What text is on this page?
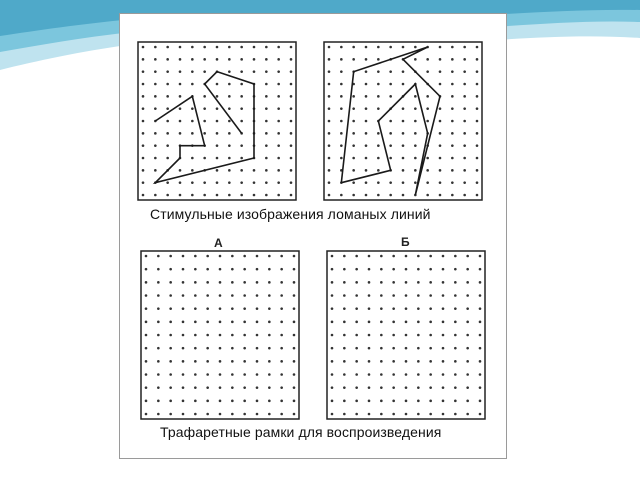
Стимульные изображения ломаных линий
А	Б
Трафаретные рамки для воспроизведения
